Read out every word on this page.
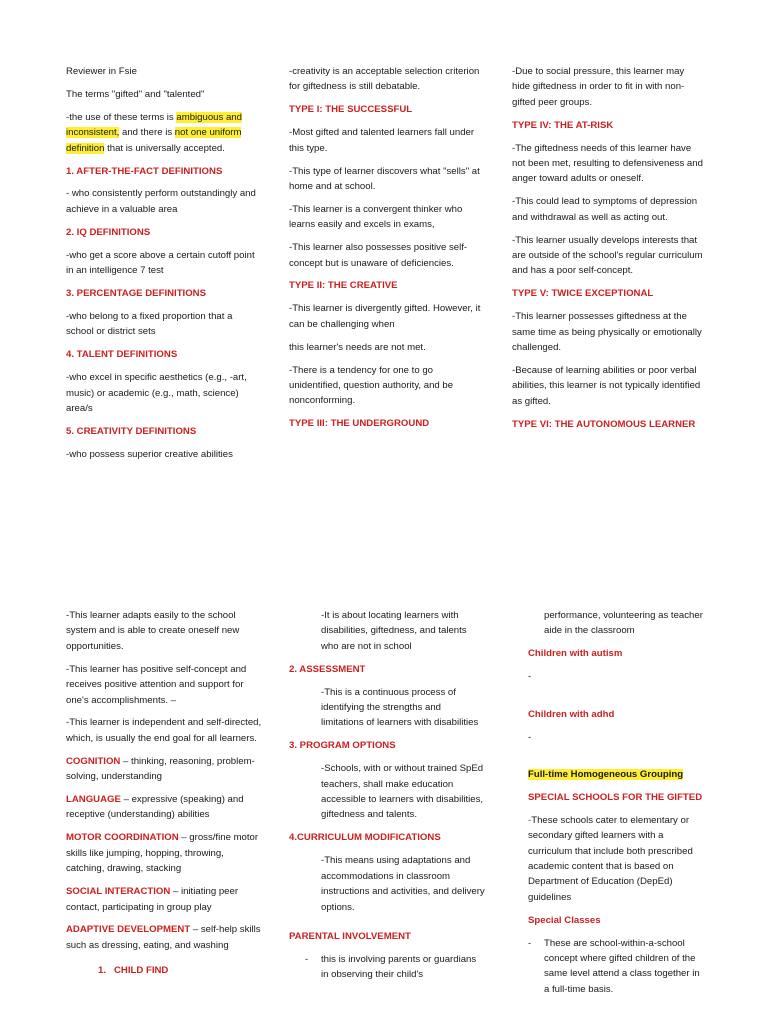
Reviewer in Fsie

The terms "gifted" and "talented"

-the use of these terms is ambiguous and inconsistent, and there is not one uniform definition that is universally accepted.

1. AFTER-THE-FACT DEFINITIONS

- who consistently perform outstandingly and achieve in a valuable area

2. IQ DEFINITIONS

-who get a score above a certain cutoff point in an intelligence 7 test

3. PERCENTAGE DEFINITIONS

-who belong to a fixed proportion that a school or district sets

4. TALENT DEFINITIONS

-who excel in specific aesthetics (e.g., -art, music) or academic (e.g., math, science) area/s

5. CREATIVITY DEFINITIONS

-who possess superior creative abilities

-creativity is an acceptable selection criterion for giftedness is still debatable.

TYPE I: THE SUCCESSFUL

-Most gifted and talented learners fall under this type.

-This type of learner discovers what "sells" at home and at school.

-This learner is a convergent thinker who learns easily and excels in exams,

-This learner also possesses positive self-concept but is unaware of deficiencies.

TYPE II: THE CREATIVE

-This learner is divergently gifted. However, it can be challenging when

this learner's needs are not met.

-There is a tendency for one to go unidentified, question authority, and be nonconforming.

TYPE III: THE UNDERGROUND

-Due to social pressure, this learner may hide giftedness in order to fit in with non-gifted peer groups.

TYPE IV: THE AT-RISK

-The giftedness needs of this learner have not been met, resulting to defensiveness and anger toward adults or oneself.

-This could lead to symptoms of depression and withdrawal as well as acting out.

-This learner usually develops interests that are outside of the school's regular curriculum and has a poor self-concept.

TYPE V: TWICE EXCEPTIONAL

-This learner possesses giftedness at the same time as being physically or emotionally challenged.

-Because of learning abilities or poor verbal abilities, this learner is not typically identified as gifted.

TYPE VI: THE AUTONOMOUS LEARNER

-This learner adapts easily to the school system and is able to create oneself new opportunities.

-This learner has positive self-concept and receives positive attention and support for one's accomplishments. –

-This learner is independent and self-directed, which, is usually the end goal for all learners.

COGNITION – thinking, reasoning, problem-solving, understanding

LANGUAGE – expressive (speaking) and receptive (understanding) abilities

MOTOR COORDINATION – gross/fine motor skills like jumping, hopping, throwing, catching, drawing, stacking

SOCIAL INTERACTION – initiating peer contact, participating in group play

ADAPTIVE DEVELOPMENT – self-help skills such as dressing, eating, and washing

1. CHILD FIND

-It is about locating learners with disabilities, giftedness, and talents who are not in school

2. ASSESSMENT

-This is a continuous process of identifying the strengths and limitations of learners with disabilities

3. PROGRAM OPTIONS

-Schools, with or without trained SpEd teachers, shall make education accessible to learners with disabilities, giftedness and talents.

4.CURRICULUM MODIFICATIONS

-This means using adaptations and accommodations in classroom instructions and activities, and delivery options.

PARENTAL INVOLVEMENT

- this is involving parents or guardians in observing their child's

performance, volunteering as teacher aide in the classroom

Children with autism

-

Children with adhd

-

Full-time Homogeneous Grouping

SPECIAL SCHOOLS FOR THE GIFTED

-These schools cater to elementary or secondary gifted learners with a curriculum that include both prescribed academic content that is based on Department of Education (DepEd) guidelines

Special Classes

- These are school-within-a-school concept where gifted children of the same level attend a class together in a full-time basis.
